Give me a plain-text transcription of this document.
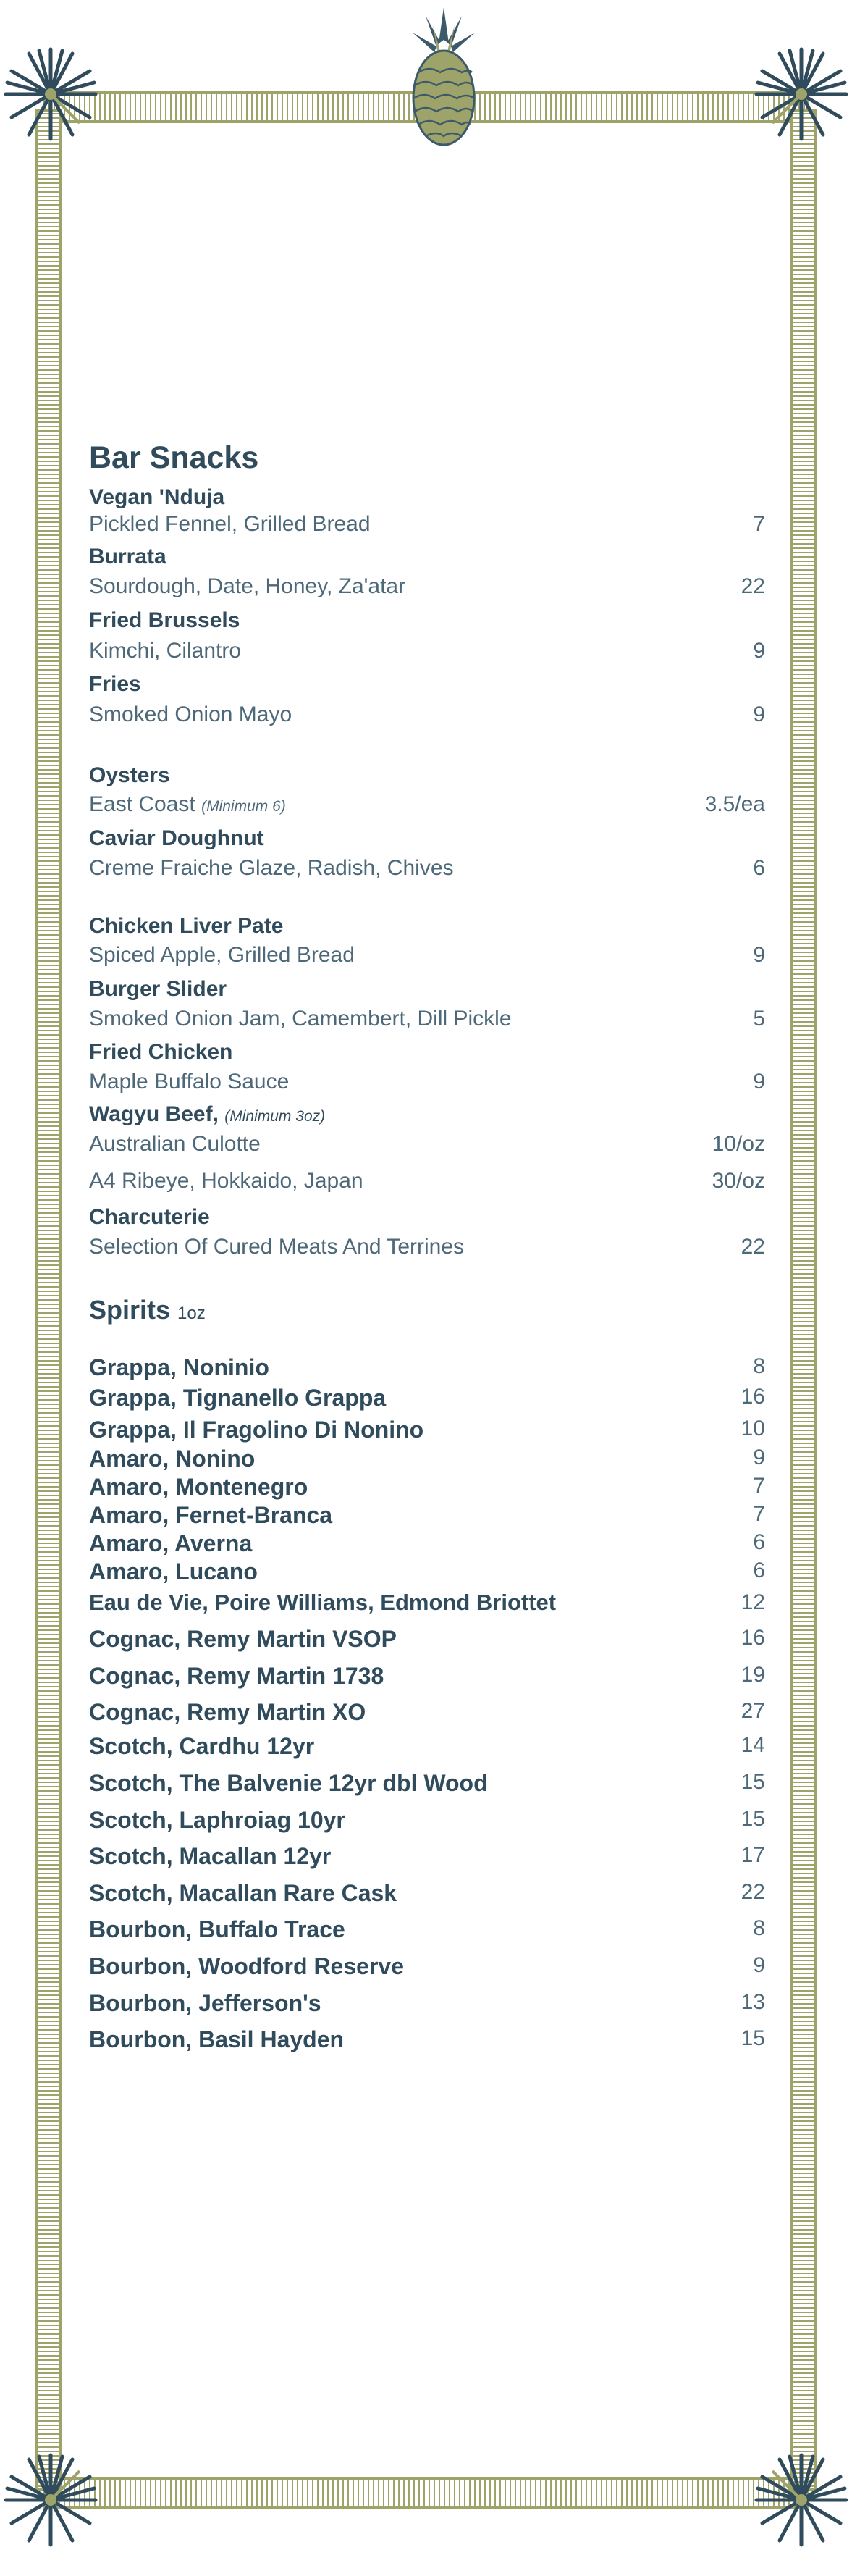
Bar Snacks
Vegan 'Nduja
Pickled Fennel, Grilled Bread	7
Burrata
Sourdough, Date, Honey, Za'atar	22
Fried Brussels
Kimchi, Cilantro	9
Fries
Smoked Onion Mayo	9
Oysters
East Coast (Minimum 6)	3.5/ea
Caviar Doughnut
Creme Fraiche Glaze, Radish, Chives	6
Chicken Liver Pate
Spiced Apple, Grilled Bread	9
Burger Slider
Smoked Onion Jam, Camembert, Dill Pickle	5
Fried Chicken
Maple Buffalo Sauce	9
Wagyu Beef, (Minimum 3oz)
Australian Culotte	10/oz
A4 Ribeye, Hokkaido, Japan	30/oz
Charcuterie
Selection Of Cured Meats And Terrines	22
Spirits 1oz
Grappa, Noninio	8
Grappa, Tignanello Grappa	16
Grappa, Il Fragolino Di Nonino	10
Amaro, Nonino	9
Amaro, Montenegro	7
Amaro, Fernet-Branca	7
Amaro, Averna	6
Amaro, Lucano	6
Eau de Vie, Poire Williams, Edmond Briottet	12
Cognac, Remy Martin VSOP	16
Cognac, Remy Martin 1738	19
Cognac, Remy Martin XO	27
Scotch, Cardhu 12yr	14
Scotch, The Balvenie 12yr dbl Wood	15
Scotch, Laphroiag 10yr	15
Scotch, Macallan 12yr	17
Scotch, Macallan Rare Cask	22
Bourbon, Buffalo Trace	8
Bourbon, Woodford Reserve	9
Bourbon, Jefferson's	13
Bourbon, Basil Hayden	15
